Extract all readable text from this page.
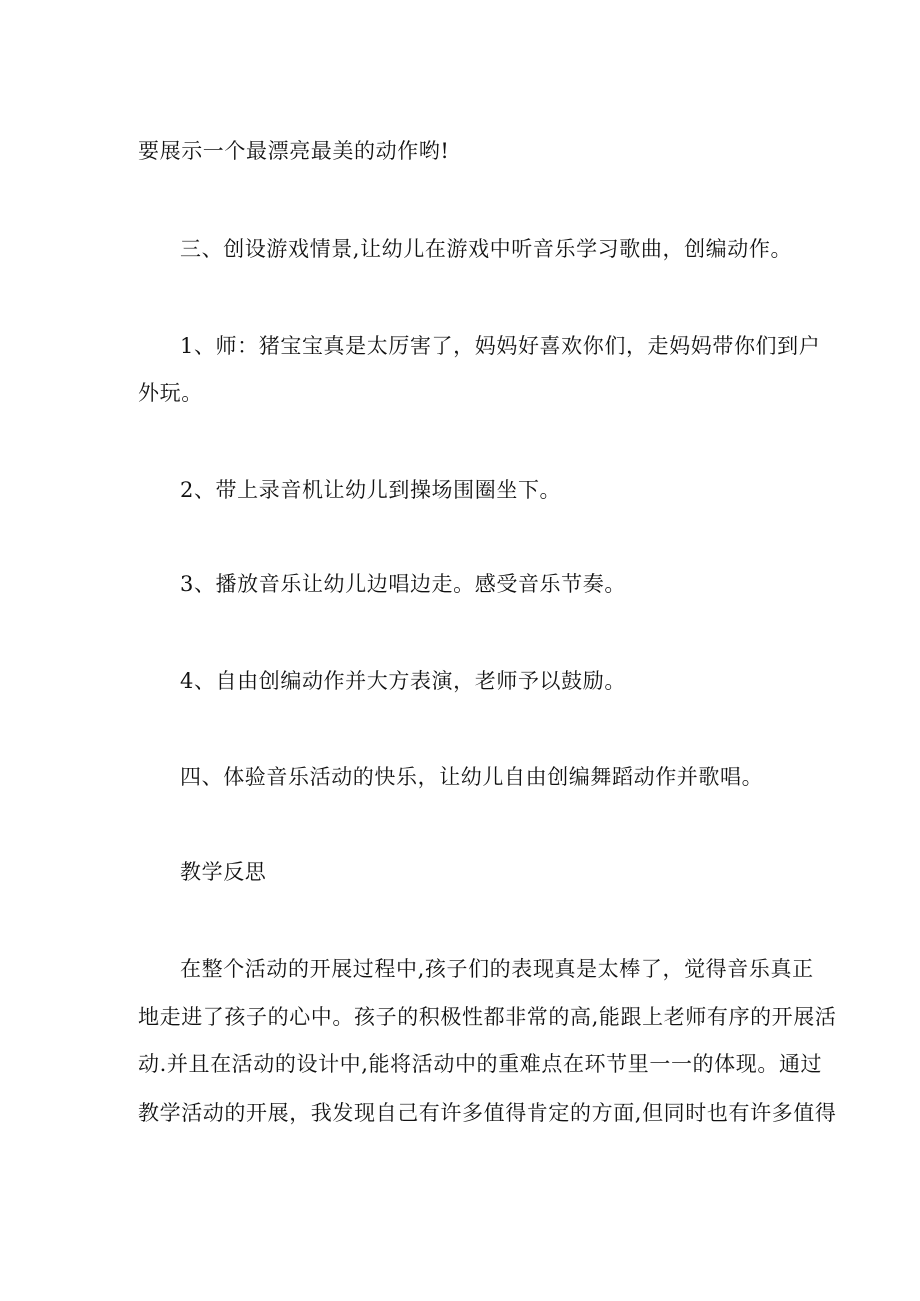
要展示一个最漂亮最美的动作哟!
三、创设游戏情景,让幼儿在游戏中听音乐学习歌曲，创编动作。
1、师：猪宝宝真是太厉害了，妈妈好喜欢你们，走妈妈带你们到户
外玩。
2、带上录音机让幼儿到操场围圈坐下。
3、播放音乐让幼儿边唱边走。感受音乐节奏。
4、自由创编动作并大方表演，老师予以鼓励。
四、体验音乐活动的快乐，让幼儿自由创编舞蹈动作并歌唱。
教学反思
在整个活动的开展过程中,孩子们的表现真是太棒了，觉得音乐真正
地走进了孩子的心中。孩子的积极性都非常的高,能跟上老师有序的开展活
动.并且在活动的设计中,能将活动中的重难点在环节里一一的体现。通过
教学活动的开展，我发现自己有许多值得肯定的方面,但同时也有许多值得
